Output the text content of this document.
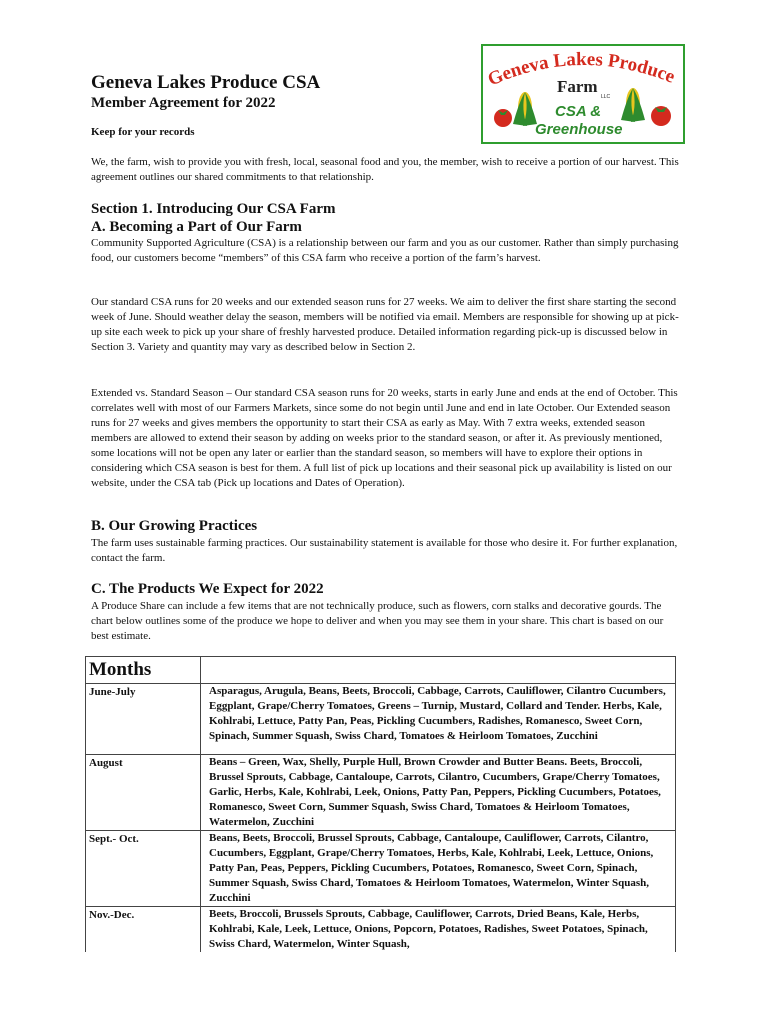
Geneva Lakes Produce CSA
Member Agreement for 2022

Keep for your records

Geneva Lakes Produce
Farm
LLC
CSA &
Greenhouse

We, the farm, wish to provide you with fresh, local, seasonal food and you, the member, wish to receive a portion of our harvest. This agreement outlines our shared commitments to that relationship.

Section 1. Introducing Our CSA Farm
A. Becoming a Part of Our Farm

Community Supported Agriculture (CSA) is a relationship between our farm and you as our customer. Rather than simply purchasing food, our customers become “members” of this CSA farm who receive a portion of the farm’s harvest.

Our standard CSA runs for 20 weeks and our extended season runs for 27 weeks. We aim to deliver the first share starting the second week of June. Should weather delay the season, members will be notified via email. Members are responsible for showing up at pick-up site each week to pick up your share of freshly harvested produce. Detailed information regarding pick-up is discussed below in Section 3. Variety and quantity may vary as described below in Section 2.

Extended vs. Standard Season – Our standard CSA season runs for 20 weeks, starts in early June and ends at the end of October. This correlates well with most of our Farmers Markets, since some do not begin until June and end in late October. Our Extended season runs for 27 weeks and gives members the opportunity to start their CSA as early as May. With 7 extra weeks, extended season members are allowed to extend their season by adding on weeks prior to the standard season, or after it. As previously mentioned, some locations will not be open any later or earlier than the standard season, so members will have to explore their options in considering which CSA season is best for them. A full list of pick up locations and their seasonal pick up availability is listed on our website, under the CSA tab (Pick up locations and Dates of Operation).

B. Our Growing Practices

The farm uses sustainable farming practices. Our sustainability statement is available for those who desire it. For further explanation, contact the farm.

C. The Products We Expect for 2022

A Produce Share can include a few items that are not technically produce, such as flowers, corn stalks and decorative gourds. The chart below outlines some of the produce we hope to deliver and when you may see them in your share. This chart is based on our best estimate.

Months	

June-July	Asparagus, Arugula, Beans, Beets, Broccoli, Cabbage, Carrots, Cauliflower, Cilantro Cucumbers, Eggplant, Grape/Cherry Tomatoes, Greens – Turnip, Mustard, Collard and Tender. Herbs, Kale, Kohlrabi, Lettuce, Patty Pan, Peas, Pickling Cucumbers, Radishes, Romanesco, Sweet Corn, Spinach, Summer Squash, Swiss Chard, Tomatoes & Heirloom Tomatoes, Zucchini

August	Beans – Green, Wax, Shelly, Purple Hull, Brown Crowder and Butter Beans. Beets, Broccoli, Brussel Sprouts, Cabbage, Cantaloupe, Carrots, Cilantro, Cucumbers, Grape/Cherry Tomatoes, Garlic, Herbs, Kale, Kohlrabi, Leek, Onions, Patty Pan, Peppers, Pickling Cucumbers, Potatoes, Romanesco, Sweet Corn, Summer Squash, Swiss Chard, Tomatoes & Heirloom Tomatoes, Watermelon, Zucchini

Sept.- Oct.	Beans, Beets, Broccoli, Brussel Sprouts, Cabbage, Cantaloupe, Cauliflower, Carrots, Cilantro, Cucumbers, Eggplant, Grape/Cherry Tomatoes, Herbs, Kale, Kohlrabi, Leek, Lettuce, Onions, Patty Pan, Peas, Peppers, Pickling Cucumbers, Potatoes, Romanesco, Sweet Corn, Spinach, Summer Squash, Swiss Chard, Tomatoes & Heirloom Tomatoes, Watermelon, Winter Squash, Zucchini

Nov.-Dec.	Beets, Broccoli, Brussels Sprouts, Cabbage, Cauliflower, Carrots, Dried Beans, Kale, Herbs, Kohlrabi, Kale, Leek, Lettuce, Onions, Popcorn, Potatoes, Radishes, Sweet Potatoes, Spinach, Swiss Chard, Watermelon, Winter Squash,
